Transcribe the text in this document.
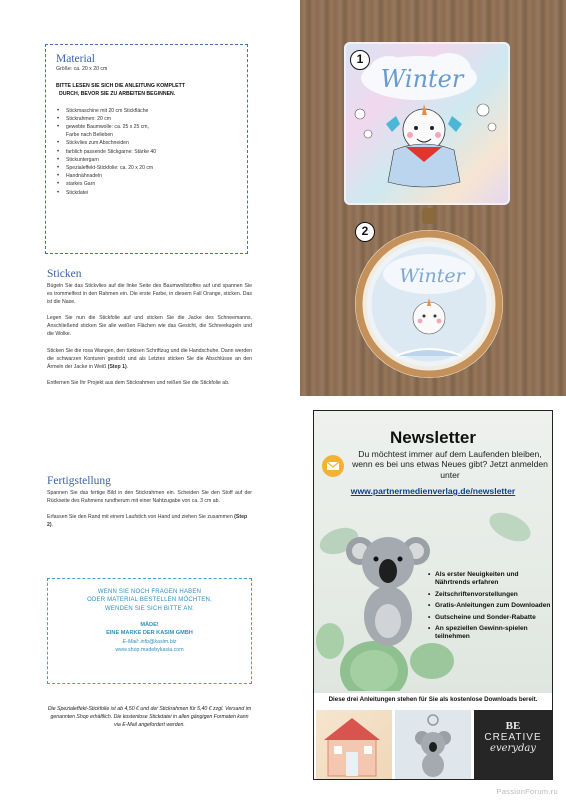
Material
Größe: ca. 20 x 20 cm
BITTE LESEN SIE SICH DIE ANLEITUNG KOMPLETT
DURCH, BEVOR SIE ZU ARBEITEN BEGINNEN.
• Stickmaschine mit 20 cm Stickfläche
• Stickrahmen: 20 cm
• gewebte Baumwolle: ca. 25 x 25 cm,
Farbe nach Belieben
• Stickvlies zum Abschneiden
• farblich passende Stickgarne: Stärke 40
• Stickuntergarn
• Spezialeffekt-Stickfolie: ca. 20 x 20 cm
• Handnähnadeln
• starkes Garn
• Stickdatei
Sticken
Bügeln Sie das Stickvlies auf die linke Seite des Baumwollstoffes auf und spannen Sie es trommelfest in den Rahmen ein. Die erste Farbe, in diesem Fall Orange, sticken. Das ist die Nase.
Legen Sie nun die Stickfolie auf und sticken Sie die Jacke des Schneemanns. Anschließend sticken Sie alle weißen Flächen wie das Gesicht, die Schneekugeln und die Wolke.
Sticken Sie die rosa Wangen, den türkisen Schriftzug und die Handschuhe. Dann werden die schwarzen Konturen gestickt und als Letztes sticken Sie die Abschlüsse an den Ärmeln der Jacke in Weiß (Step 1).
Entfernen Sie Ihr Projekt aus dem Stickrahmen und reißen Sie die Stickfolie ab.
Fertigstellung
Spannen Sie das fertige Bild in den Stickrahmen ein. Scheiden Sie den Stoff auf der Rückseite des Rahmens rundherum mit einer Nahtzugabe von ca. 3 cm ab.
Erfassen Sie den Rand mit einem Laufstich von Hand und ziehen Sie zusammen (Step 2).
WENN SIE NOCH FRAGEN HABEN
ODER MATERIAL BESTELLEN MÖCHTEN,
WENDEN SIE SICH BITTE AN:
MÄDE!
EINE MARKE DER KASIM GMBH
E-Mail: info@kasim.biz
www.shop.madebykasia.com
Die Spezialeffekt-Stickfolie ist ab 4,50 € und der Stickrahmen für 5,40 € zzgl. Versand im genannten Shop erhältlich. Die kostenlose Stickdatei in allen gängigen Formaten kann via E-Mail angefordert werden.
Winter
1
Winter
2
Newsletter
Du möchtest immer auf dem Laufenden bleiben, wenn es bei uns etwas Neues gibt? Jetzt anmelden unter
www.partnermedienverlag.de/newsletter
• Als erster Neuigkeiten und Nährtrends erfahren
• Zeitschriftenvorstellungen
• Gratis-Anleitungen zum Downloaden
• Gutscheine und Sonder-Rabatte
• An speziellen Gewinn-spielen teilnehmen
Diese drei Anleitungen stehen für Sie als kostenlose Downloads bereit.
BE
CREATIVE
everyday
PassionForum.ru
